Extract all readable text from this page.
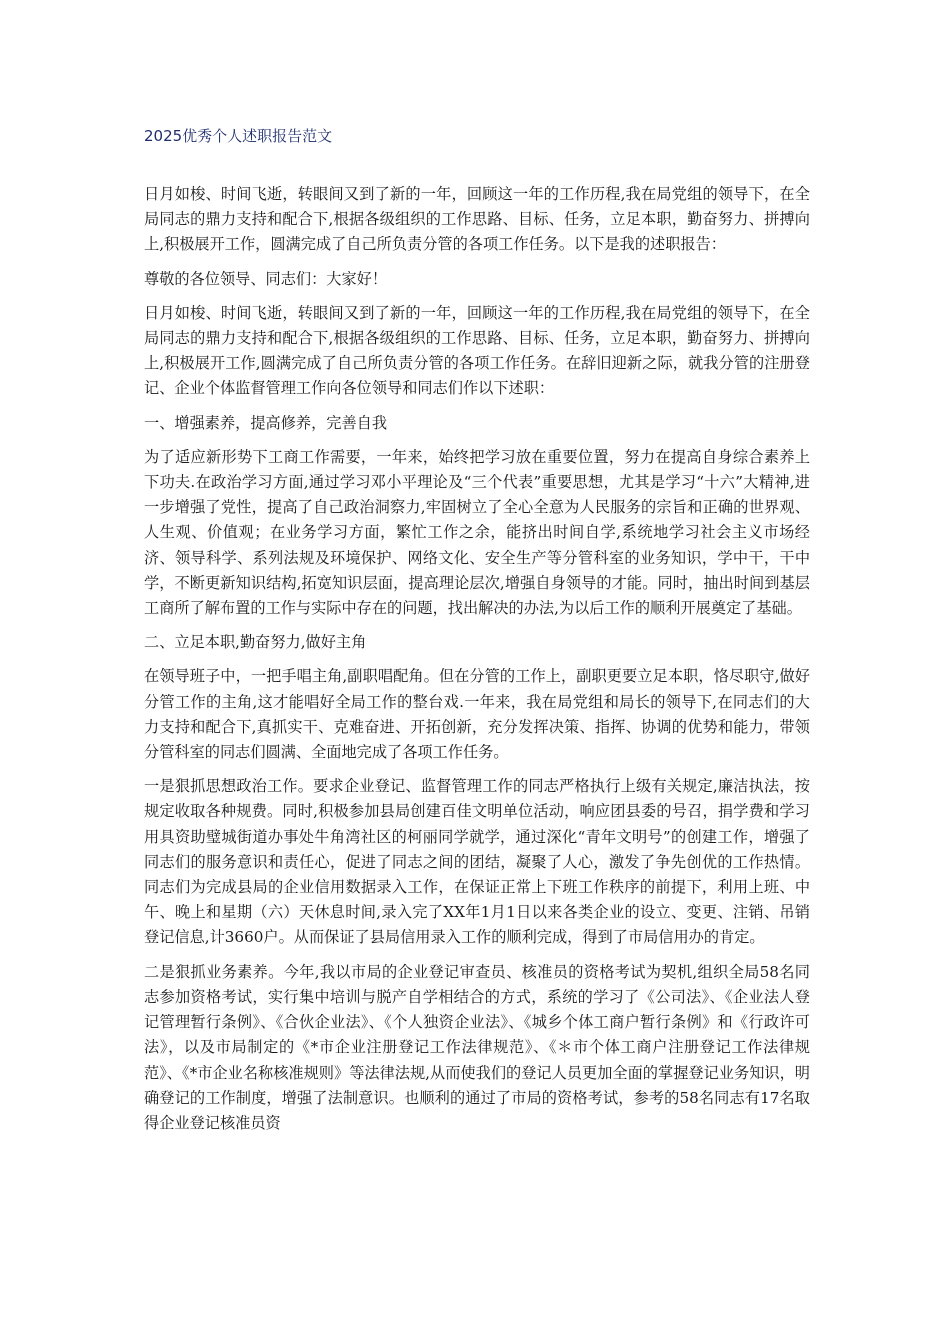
2025优秀个人述职报告范文

日月如梭、时间飞逝，转眼间又到了新的一年，回顾这一年的工作历程,我在局党组的领导下，在全局同志的鼎力支持和配合下,根据各级组织的工作思路、目标、任务，立足本职，勤奋努力、拼搏向上,积极展开工作，圆满完成了自己所负责分管的各项工作任务。以下是我的述职报告：

尊敬的各位领导、同志们：大家好！

日月如梭、时间飞逝，转眼间又到了新的一年，回顾这一年的工作历程,我在局党组的领导下，在全局同志的鼎力支持和配合下,根据各级组织的工作思路、目标、任务，立足本职，勤奋努力、拼搏向上,积极展开工作,圆满完成了自己所负责分管的各项工作任务。在辞旧迎新之际，就我分管的注册登记、企业个体监督管理工作向各位领导和同志们作以下述职：

一、增强素养，提高修养，完善自我

为了适应新形势下工商工作需要，一年来，始终把学习放在重要位置，努力在提高自身综合素养上下功夫.在政治学习方面,通过学习邓小平理论及“三个代表”重要思想，尤其是学习“十六”大精神,进一步增强了党性，提高了自己政治洞察力,牢固树立了全心全意为人民服务的宗旨和正确的世界观、人生观、价值观；在业务学习方面，繁忙工作之余，能挤出时间自学,系统地学习社会主义市场经济、领导科学、系列法规及环境保护、网络文化、安全生产等分管科室的业务知识，学中干，干中学，不断更新知识结构,拓宽知识层面，提高理论层次,增强自身领导的才能。同时，抽出时间到基层工商所了解布置的工作与实际中存在的问题，找出解决的办法,为以后工作的顺利开展奠定了基础。

二、立足本职,勤奋努力,做好主角

在领导班子中，一把手唱主角,副职唱配角。但在分管的工作上，副职更要立足本职，恪尽职守,做好分管工作的主角,这才能唱好全局工作的整台戏.一年来，我在局党组和局长的领导下,在同志们的大力支持和配合下,真抓实干、克难奋进、开拓创新，充分发挥决策、指挥、协调的优势和能力，带领分管科室的同志们圆满、全面地完成了各项工作任务。

一是狠抓思想政治工作。要求企业登记、监督管理工作的同志严格执行上级有关规定,廉洁执法，按规定收取各种规费。同时,积极参加县局创建百佳文明单位活动，响应团县委的号召，捐学费和学习用具资助璧城街道办事处牛角湾社区的柯丽同学就学，通过深化“青年文明号”的创建工作，增强了同志们的服务意识和责任心，促进了同志之间的团结，凝聚了人心，激发了争先创优的工作热情。同志们为完成县局的企业信用数据录入工作，在保证正常上下班工作秩序的前提下，利用上班、中午、晚上和星期（六）天休息时间,录入完了XX年1月1日以来各类企业的设立、变更、注销、吊销登记信息,计3660户。从而保证了县局信用录入工作的顺利完成，得到了市局信用办的肯定。

二是狠抓业务素养。今年,我以市局的企业登记审查员、核准员的资格考试为契机,组织全局58名同志参加资格考试，实行集中培训与脱产自学相结合的方式，系统的学习了《公司法》、《企业法人登记管理暂行条例》、《合伙企业法》、《个人独资企业法》、《城乡个体工商户暂行条例》和《行政许可法》，以及市局制定的《*市企业注册登记工作法律规范》、《＊市个体工商户注册登记工作法律规范》、《*市企业名称核准规则》等法律法规,从而使我们的登记人员更加全面的掌握登记业务知识，明确登记的工作制度，增强了法制意识。也顺利的通过了市局的资格考试，参考的58名同志有17名取得企业登记核准员资
